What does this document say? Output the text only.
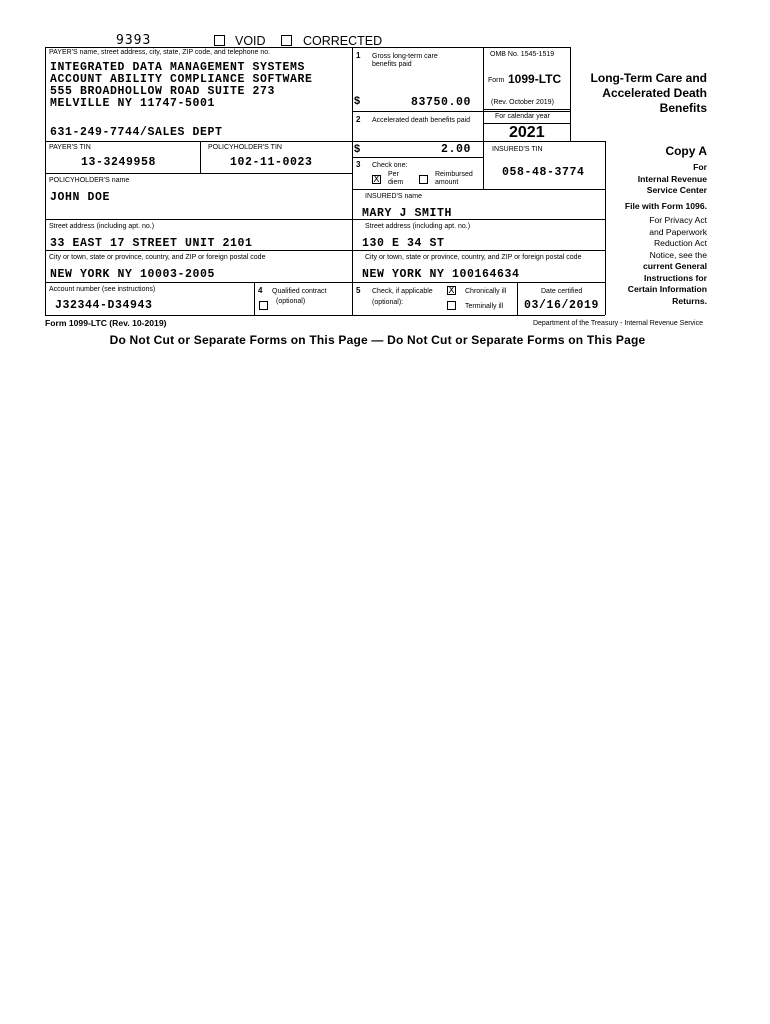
9393	VOID	CORRECTED
PAYER'S name, street address, city, state, ZIP code, and telephone no.
INTEGRATED DATA MANAGEMENT SYSTEMS
ACCOUNT ABILITY COMPLIANCE SOFTWARE
555 BROADHOLLOW ROAD SUITE 273
MELVILLE NY 11747-5001
631-249-7744/SALES DEPT
1 Gross long-term care benefits paid
$	83750.00
OMB No. 1545-1519
Form 1099-LTC
(Rev. October 2019)
For calendar year
2021
Long-Term Care and Accelerated Death Benefits
2 Accelerated death benefits paid
$	2.00
PAYER'S TIN
13-3249958
POLICYHOLDER'S TIN
102-11-0023
INSURED'S TIN
058-48-3774
3 Check one:
X
Per diem
Reimbursed amount
POLICYHOLDER'S name
JOHN DOE
Street address (including apt. no.)
33 EAST 17 STREET UNIT 2101
City or town, state or province, country, and ZIP or foreign postal code
NEW YORK NY 10003-2005
INSURED'S name
MARY J SMITH
Street address (including apt. no.)
130 E 34 ST
City or town, state or province, country, and ZIP or foreign postal code
NEW YORK NY 100164634
Account number (see instructions)
J32344-D34943
4 Qualified contract
(optional)
5 Check, if applicable
(optional):
X Chronically ill
Terminally ill
Date certified
03/16/2019
Copy A
For
Internal Revenue
Service Center
File with Form 1096.
For Privacy Act
and Paperwork
Reduction Act
Notice, see the
current General
Instructions for
Certain Information
Returns.
Form 1099-LTC (Rev. 10-2019)	Department of the Treasury - Internal Revenue Service
Do Not Cut or Separate Forms on This Page — Do Not Cut or Separate Forms on This Page
